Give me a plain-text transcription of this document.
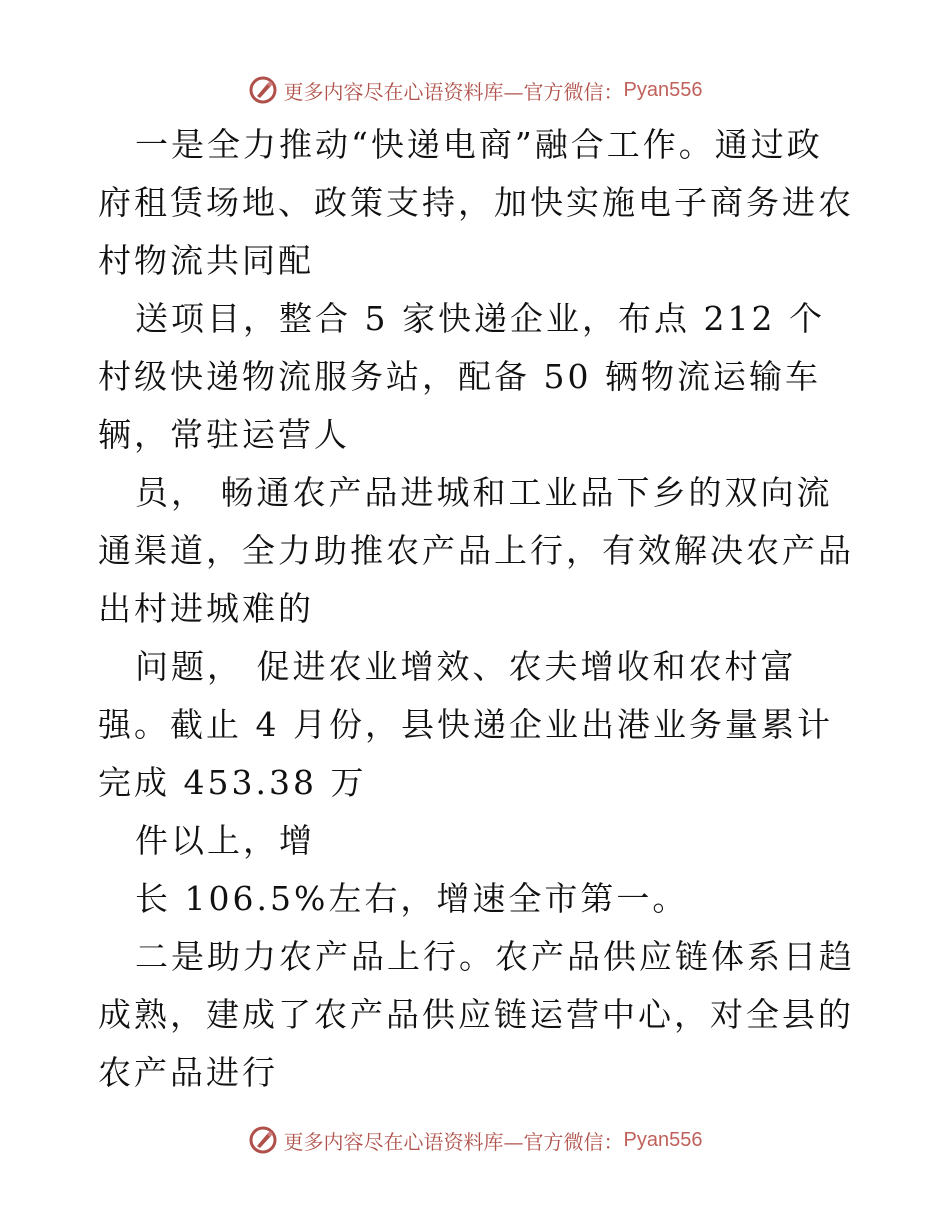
更多内容尽在心语资料库—官方微信： Pyan556

一是全力推动“快递电商”融合工作。通过政府租赁场地、政策支持，加快实施电子商务进农村物流共同配

送项目，整合 5 家快递企业，布点 212 个村级快递物流服务站，配备 50 辆物流运输车辆，常驻运营人

员， 畅通农产品进城和工业品下乡的双向流通渠道，全力助推农产品上行，有效解决农产品出村进城难的

问题， 促进农业增效、农夫增收和农村富强。截止 4 月份，县快递企业出港业务量累计完成 453.38 万

件以上，增

长 106.5%左右，增速全市第一。

二是助力农产品上行。农产品供应链体系日趋成熟，建成了农产品供应链运营中心，对全县的农产品进行

更多内容尽在心语资料库—官方微信： Pyan556
